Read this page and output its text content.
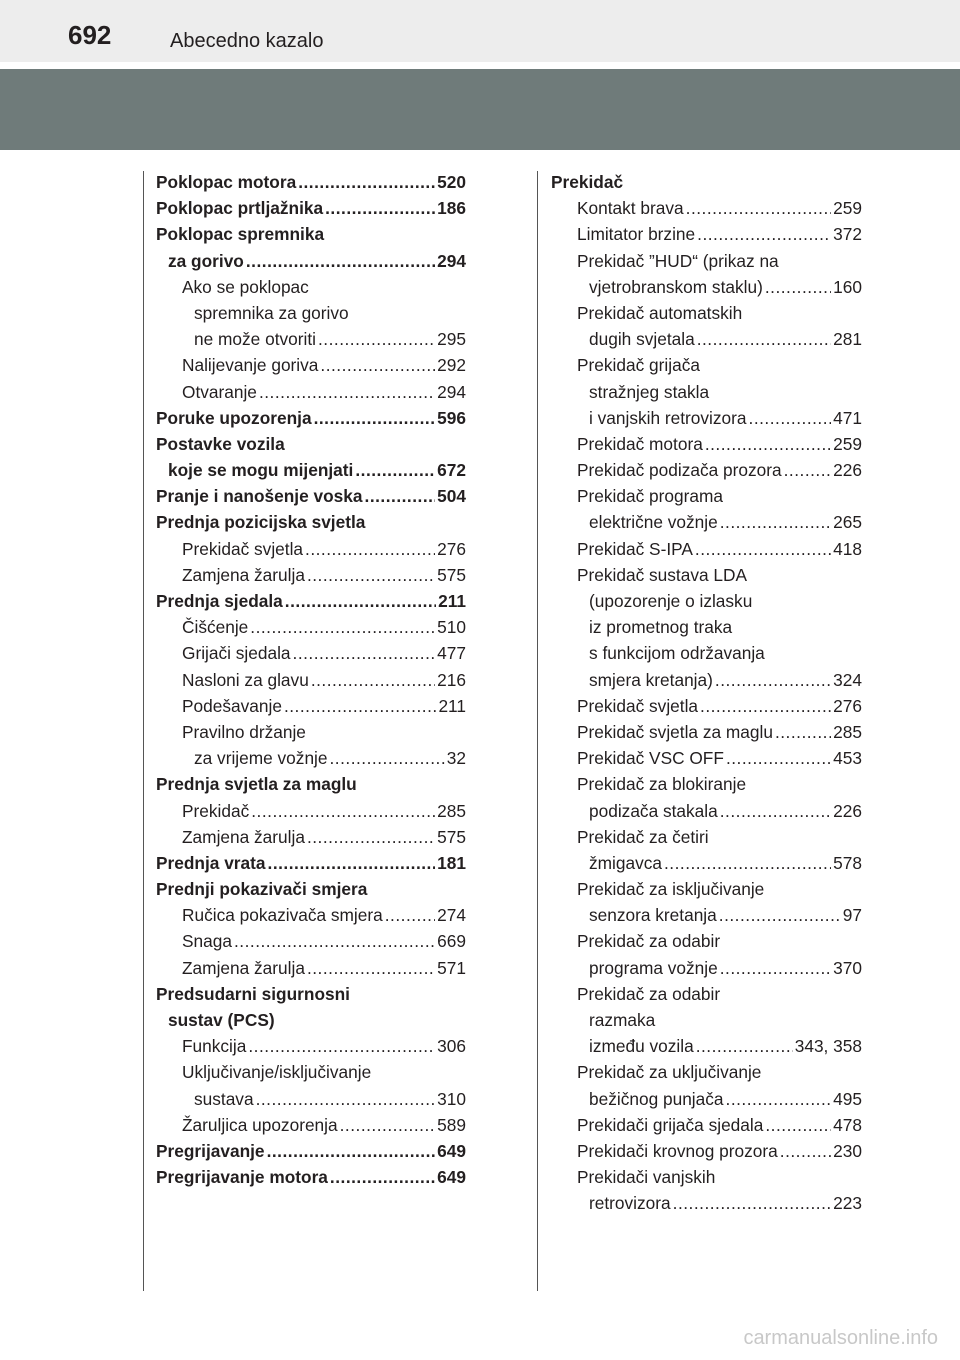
692	Abecedno kazalo
Poklopac motora .....	520
Poklopac prtljažnika .....	186
Poklopac spremnika
za gorivo .....	294
Ako se poklopac
spremnika za gorivo
ne može otvoriti .....	295
Nalijevanje goriva .....	292
Otvaranje .....	294
Poruke upozorenja .....	596
Postavke vozila
koje se mogu mijenjati .....	672
Pranje i nanošenje voska .....	504
Prednja pozicijska svjetla
Prekidač svjetla .....	276
Zamjena žarulja .....	575
Prednja sjedala .....	211
Čišćenje .....	510
Grijači sjedala .....	477
Nasloni za glavu .....	216
Podešavanje .....	211
Pravilno držanje
za vrijeme vožnje .....	32
Prednja svjetla za maglu
Prekidač .....	285
Zamjena žarulja .....	575
Prednja vrata .....	181
Prednji pokazivači smjera
Ručica pokazivača smjera .....	274
Snaga .....	669
Zamjena žarulja .....	571
Predsudarni sigurnosni
sustav (PCS)
Funkcija .....	306
Uključivanje/isključivanje
sustava .....	310
Žaruljica upozorenja .....	589
Pregrijavanje .....	649
Pregrijavanje motora .....	649
Prekidač
Kontakt brava .....	259
Limitator brzine .....	372
Prekidač ”HUD“ (prikaz na
vjetrobranskom staklu) .....	160
Prekidač automatskih
dugih svjetala .....	281
Prekidač grijača
stražnjeg stakla
i vanjskih retrovizora .....	471
Prekidač motora .....	259
Prekidač podizača prozora .....	226
Prekidač programa
električne vožnje .....	265
Prekidač S-IPA .....	418
Prekidač sustava LDA
(upozorenje o izlasku
iz prometnog traka
s funkcijom održavanja
smjera kretanja) .....	324
Prekidač svjetla .....	276
Prekidač svjetla za maglu .....	285
Prekidač VSC OFF .....	453
Prekidač za blokiranje
podizača stakala .....	226
Prekidač za četiri
žmigavca .....	578
Prekidač za isključivanje
senzora kretanja .....	97
Prekidač za odabir
programa vožnje .....	370
Prekidač za odabir
razmaka
između vozila .....	343, 358
Prekidač za uključivanje
bežičnog punjača .....	495
Prekidači grijača sjedala .....	478
Prekidači krovnog prozora .....	230
Prekidači vanjskih
retrovizora .....	223
carmanualsonline.info
